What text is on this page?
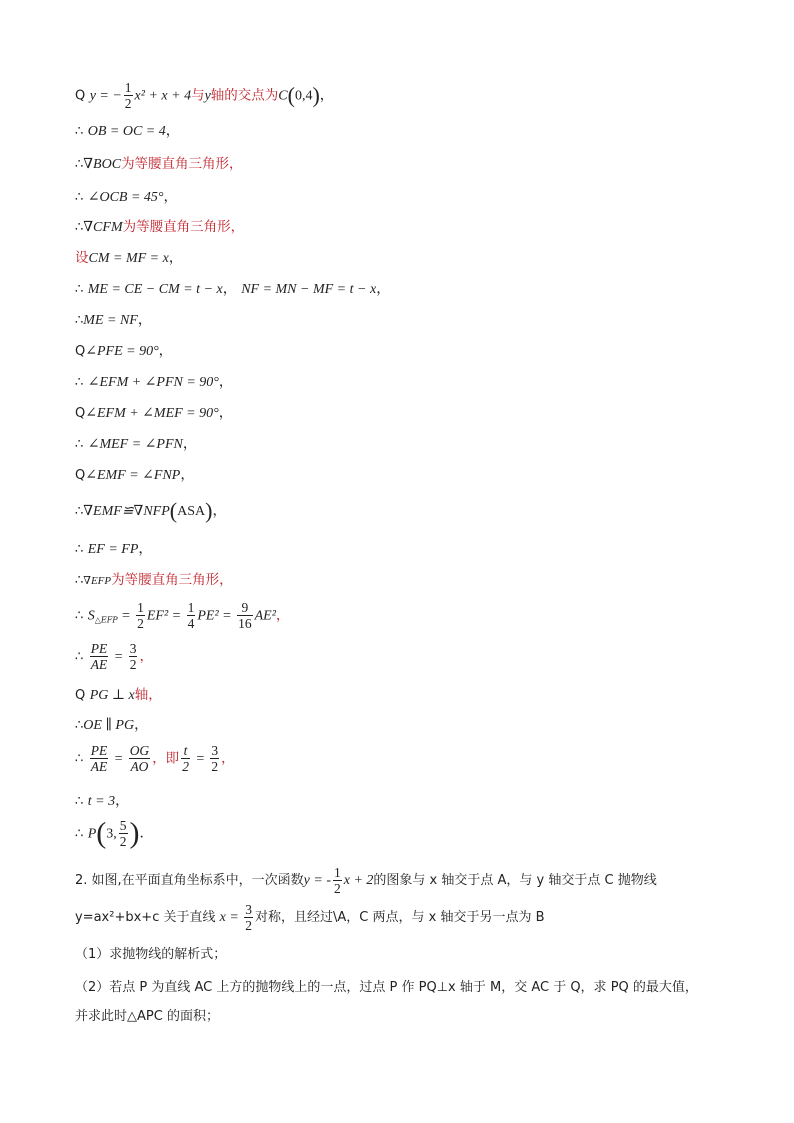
Q y = − $\frac{1}{2} x^2 + x + 4$与y轴的交点为C(0,4)，
∴ OB = OC = 4，
∴∇BOC为等腰直角三角形，
∴ ∠OCB = 45°，
∴∇CFM为等腰直角三角形，
设CM = MF = x，
∴ ME = CE − CM = t − x， NF = MN − MF = t − x，
∴ME = NF，
Q∠PFE = 90°，
∴ ∠EFM + ∠PFN = 90°，
Q∠EFM + ∠MEF = 90°，
∴ ∠MEF = ∠PFN，
Q∠EMF = ∠FNP，
∴∇EMF≌∇NFP(ASA)，
∴ EF = FP，
∴∇EFP为等腰直角三角形，
∴ $S_{\triangle EFP} = \frac{1}{2} EF^2 = \frac{1}{4} PE^2 = \frac{9}{16} AE^2$，
∴ $\frac{PE}{AE} = \frac{3}{2}$ ，
Q PG ⊥ x轴，
∴OE ∥ PG，
∴ $\frac{PE}{AE} = \frac{OG}{AO}$ ，即 $\frac{t}{2} = \frac{3}{2}$ ，
∴ t = 3，
∴ P(3, $\frac{5}{2}$ )．
2. 如图,在平面直角坐标系中，一次函数y = - $\frac{1}{2}$ x + 2的图象与 x 轴交于点 A，与 y 轴交于点 C 抛物线
y=ax²+bx+c 关于直线 $x = \frac{3}{2}$ 对称，且经过\A，C 两点，与 x 轴交于另一点为 B
（1）求抛物线的解析式；
（2）若点 P 为直线 AC 上方的抛物线上的一点，过点 P 作 PQ⊥x 轴于 M，交 AC 于 Q，求 PQ 的最大值，
并求此时△APC 的面积；
